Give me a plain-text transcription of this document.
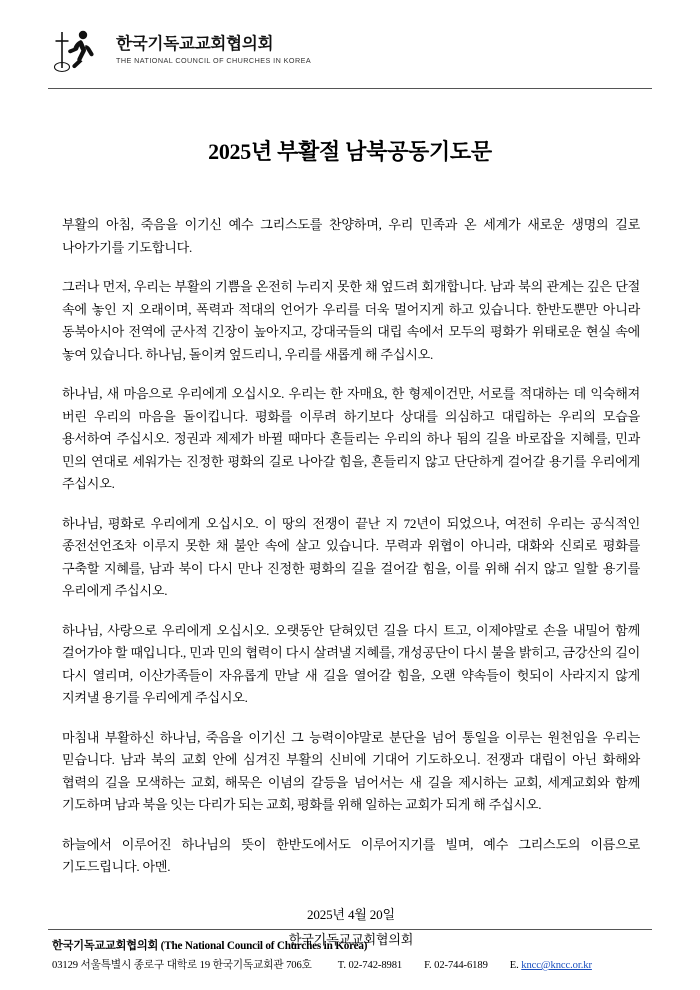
한국기독교교회협의회
THE NATIONAL COUNCIL OF CHURCHES IN KOREA
2025년 부활절 남북공동기도문

부활의 아침, 죽음을 이기신 예수 그리스도를 찬양하며, 우리 민족과 온 세계가 새로운 생명의 길로 나아가기를 기도합니다.

그러나 먼저, 우리는 부활의 기쁨을 온전히 누리지 못한 채 엎드려 회개합니다. 남과 북의 관계는 깊은 단절 속에 놓인 지 오래이며, 폭력과 적대의 언어가 우리를 더욱 멀어지게 하고 있습니다. 한반도뿐만 아니라 동북아시아 전역에 군사적 긴장이 높아지고, 강대국들의 대립 속에서 모두의 평화가 위태로운 현실 속에 놓여 있습니다. 하나님, 돌이켜 엎드리니, 우리를 새롭게 해 주십시오.

하나님, 새 마음으로 우리에게 오십시오. 우리는 한 자매요, 한 형제이건만, 서로를 적대하는 데 익숙해져 버린 우리의 마음을 돌이킵니다. 평화를 이루려 하기보다 상대를 의심하고 대립하는 우리의 모습을 용서하여 주십시오. 정권과 제제가 바뀔 때마다 흔들리는 우리의 하나 됨의 길을 바로잡을 지혜를, 민과 민의 연대로 세워가는 진정한 평화의 길로 나아갈 힘을, 흔들리지 않고 단단하게 걸어갈 용기를 우리에게 주십시오.

하나님, 평화로 우리에게 오십시오. 이 땅의 전쟁이 끝난 지 72년이 되었으나, 여전히 우리는 공식적인 종전선언조차 이루지 못한 채 불안 속에 살고 있습니다. 무력과 위협이 아니라, 대화와 신뢰로 평화를 구축할 지혜를, 남과 북이 다시 만나 진정한 평화의 길을 걸어갈 힘을, 이를 위해 쉬지 않고 일할 용기를 우리에게 주십시오.

하나님, 사랑으로 우리에게 오십시오. 오랫동안 닫혀있던 길을 다시 트고, 이제야말로 손을 내밀어 함께 걸어가야 할 때입니다., 민과 민의 협력이 다시 살려낼 지혜를, 개성공단이 다시 불을 밝히고, 금강산의 길이 다시 열리며, 이산가족들이 자유롭게 만날 새 길을 열어갈 힘을, 오랜 약속들이 헛되이 사라지지 않게 지켜낼 용기를 우리에게 주십시오.

마침내 부활하신 하나님, 죽음을 이기신 그 능력이야말로 분단을 넘어 통일을 이루는 원천임을 우리는 믿습니다. 남과 북의 교회 안에 심겨진 부활의 신비에 기대어 기도하오니. 전쟁과 대립이 아닌 화해와 협력의 길을 모색하는 교회, 해묵은 이념의 갈등을 넘어서는 새 길을 제시하는 교회, 세계교회와 함께 기도하며 남과 북을 잇는 다리가 되는 교회, 평화를 위해 일하는 교회가 되게 해 주십시오.

하늘에서 이루어진 하나님의 뜻이 한반도에서도 이루어지기를 빌며, 예수 그리스도의 이름으로 기도드립니다. 아멘.

2025년 4월 20일
한국기독교교회협의회
한국기독교교회협의회 (The National Council of Churches in Korea)
03129 서울특별시 종로구 대학로 19 한국기독교회관 706호 T. 02-742-8981 F. 02-744-6189 E. kncc@kncc.or.kr
